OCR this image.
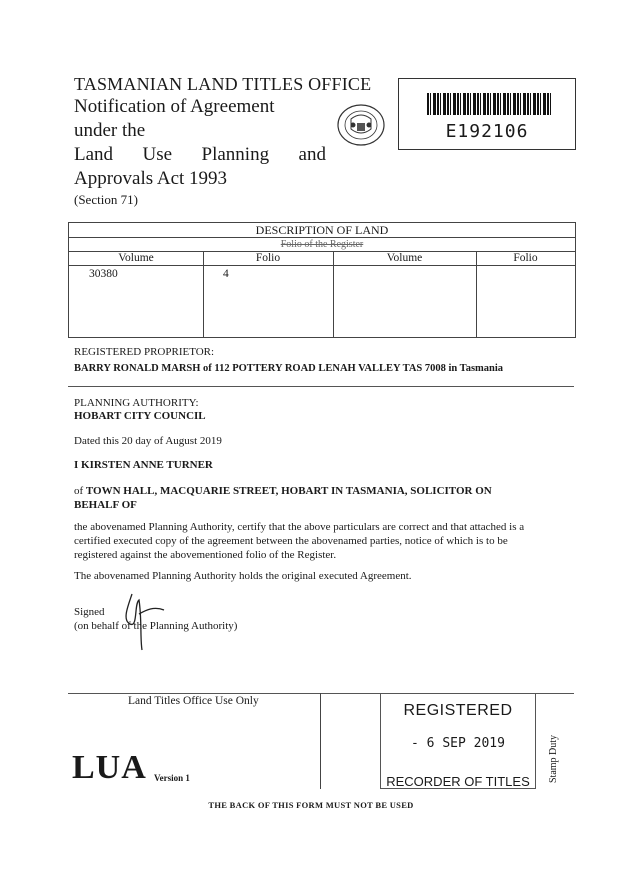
TASMANIAN LAND TITLES OFFICE
Notification of Agreement
under the
Land Use Planning and
Approvals Act 1993
(Section 71)
E192106
DESCRIPTION OF LAND
Folio of the Register
Volume	Folio	Volume	Folio
30380	4
REGISTERED PROPRIETOR:
BARRY RONALD MARSH of 112 POTTERY ROAD LENAH VALLEY TAS 7008 in Tasmania
PLANNING AUTHORITY:
HOBART CITY COUNCIL
Dated this 20 day of August 2019
I KIRSTEN ANNE TURNER
of TOWN HALL, MACQUARIE STREET, HOBART IN TASMANIA, SOLICITOR ON
BEHALF OF
the abovenamed Planning Authority, certify that the above particulars are correct and that attached is a
certified executed copy of the agreement between the abovenamed parties, notice of which is to be
registered against the abovementioned folio of the Register.
The abovenamed Planning Authority holds the original executed Agreement.
Signed
(on behalf of the Planning Authority)
Land Titles Office Use Only
LUA Version 1
REGISTERED
- 6 SEP 2019
RECORDER OF TITLES	Stamp Duty
THE BACK OF THIS FORM MUST NOT BE USED
